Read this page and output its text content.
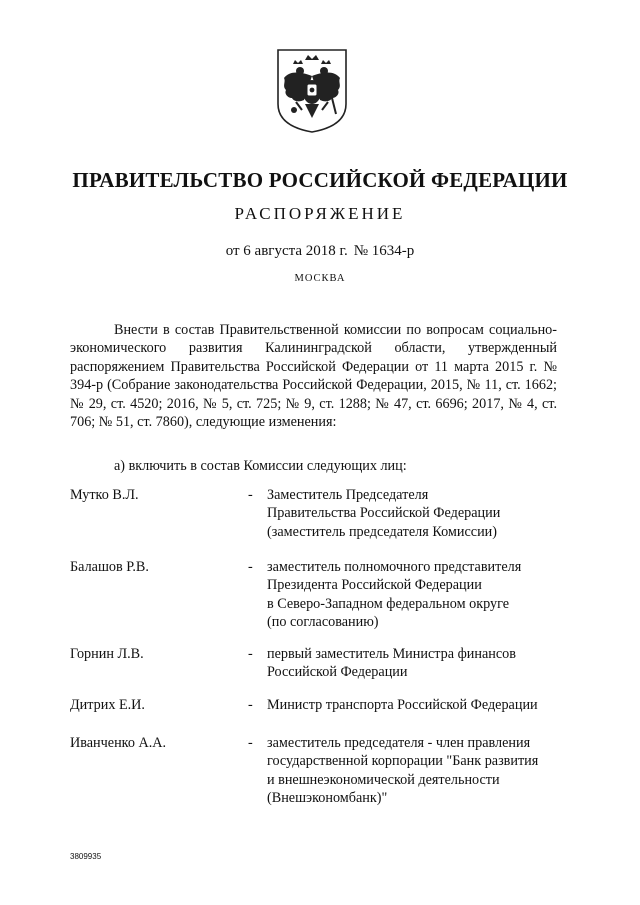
ПРАВИТЕЛЬСТВО РОССИЙСКОЙ ФЕДЕРАЦИИ
РАСПОРЯЖЕНИЕ
от 6 августа 2018 г. № 1634-р
МОСКВА

Внести в состав Правительственной комиссии по вопросам социально-экономического развития Калининградской области, утвержденный распоряжением Правительства Российской Федерации от 11 марта 2015 г. № 394-р (Собрание законодательства Российской Федерации, 2015, № 11, ст. 1662; № 29, ст. 4520; 2016, № 5, ст. 725; № 9, ст. 1288; № 47, ст. 6696; 2017, № 4, ст. 706; № 51, ст. 7860), следующие изменения:

а) включить в состав Комиссии следующих лиц:

Мутко В.Л.	- Заместитель Председателя
Правительства Российской Федерации
(заместитель председателя Комиссии)
Балашов Р.В.	- заместитель полномочного представителя
Президента Российской Федерации
в Северо-Западном федеральном округе
(по согласованию)
Горнин Л.В.	- первый заместитель Министра финансов
Российской Федерации
Дитрих Е.И.	- Министр транспорта Российской Федерации
Иванченко А.А.	- заместитель председателя - член правления
государственной корпорации "Банк развития
и внешнеэкономической деятельности
(Внешэкономбанк)"
3809935
